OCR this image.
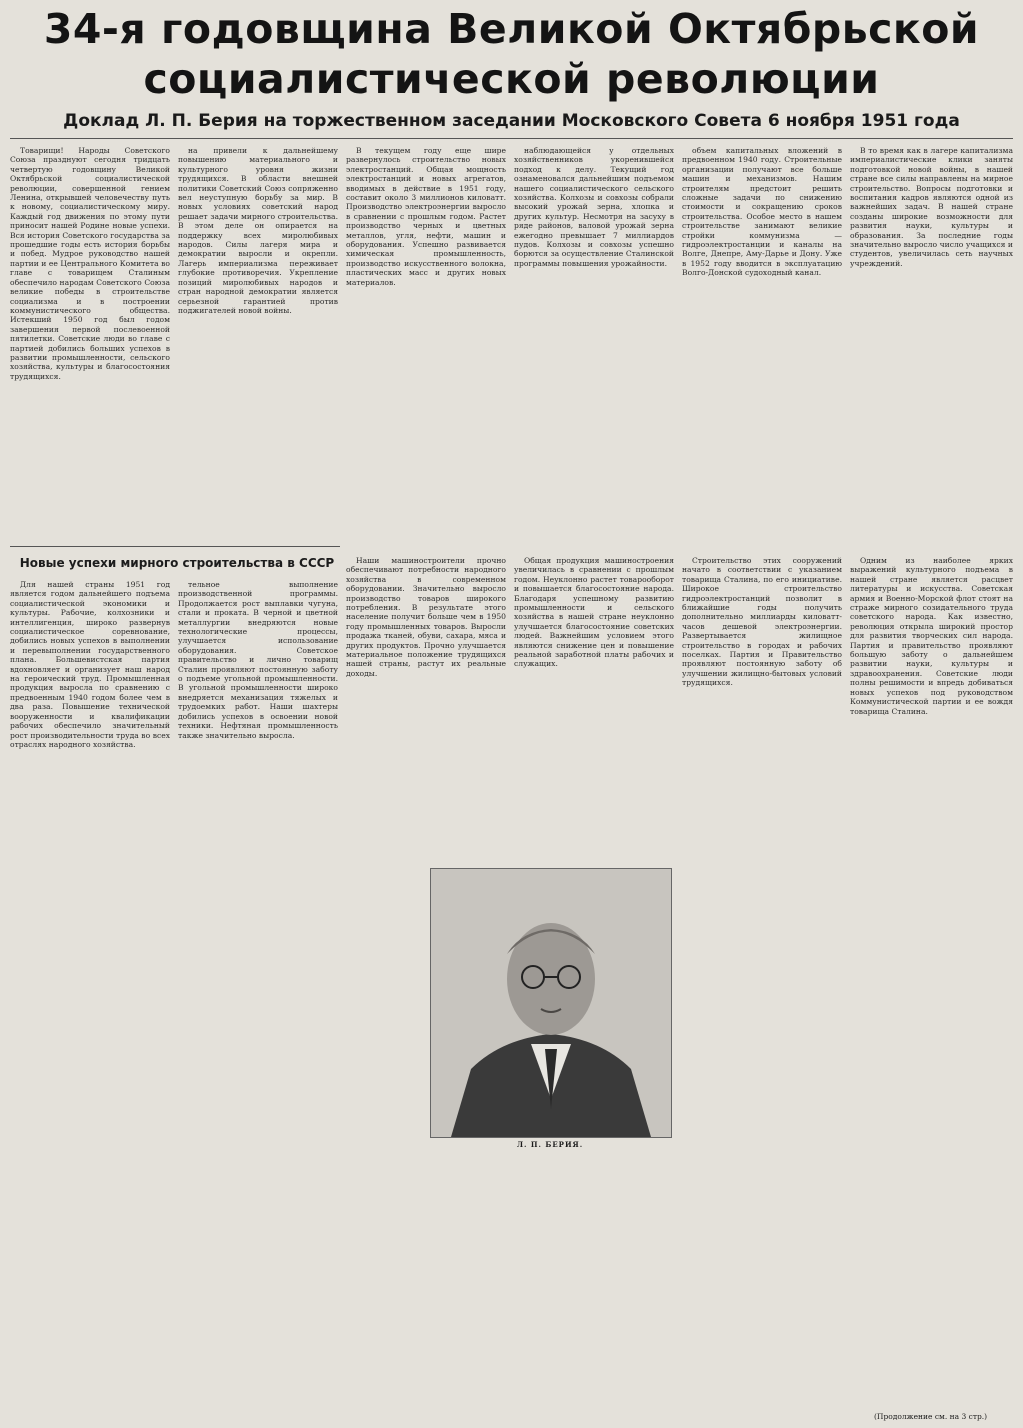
34-я годовщина Великой Октябрьской
социалистической революции
Доклад Л. П. Берия на торжественном заседании Московского Совета 6 ноября 1951 года

Товарищи! Народы Советского Союза празднуют сегодня тридцать четвертую годовщину Великой Октябрьской социалистической революции, совершенной гением Ленина, открывшей человечеству путь к новому, социалистическому миру. Каждый год движения по этому пути приносит нашей Родине новые успехи. Вся история Советского государства за прошедшие годы есть история борьбы и побед. Мудрое руководство нашей партии и ее Центрального Комитета во главе с товарищем Сталиным обеспечило народам Советского Союза великие победы в строительстве социализма и в построении коммунистического общества. Истекший 1950 год был годом завершения первой послевоенной пятилетки. Советские люди во главе с партией добились больших успехов в развитии промышленности, сельского хозяйства, культуры и благосостояния трудящихся.

на привели к дальнейшему повышению материального и культурного уровня жизни трудящихся. В области внешней политики Советский Союз сопряженно вел неуступную борьбу за мир. В новых условиях советский народ решает задачи мирного строительства. В этом деле он опирается на поддержку всех миролюбивых народов. Силы лагеря мира и демократии выросли и окрепли. Лагерь империализма переживает глубокие противоречия. Укрепление позиций миролюбивых народов и стран народной демократии является серьезной гарантией против поджигателей новой войны.

В текущем году еще шире развернулось строительство новых электростанций. Общая мощность электростанций и новых агрегатов, вводимых в действие в 1951 году, составит около 3 миллионов киловатт. Производство электроэнергии выросло в сравнении с прошлым годом. Растет производство черных и цветных металлов, угля, нефти, машин и оборудования. Успешно развивается химическая промышленность, производство искусственного волокна, пластических масс и других новых материалов.

наблюдающейся у отдельных хозяйственников укоренившейся подход к делу. Текущий год ознаменовался дальнейшим подъемом нашего социалистического сельского хозяйства. Колхозы и совхозы собрали высокий урожай зерна, хлопка и других культур. Несмотря на засуху в ряде районов, валовой урожай зерна ежегодно превышает 7 миллиардов пудов. Колхозы и совхозы успешно борются за осуществление Сталинской программы повышения урожайности.

объем капитальных вложений в предвоенном 1940 году. Строительные организации получают все больше машин и механизмов. Нашим строителям предстоит решить сложные задачи по снижению стоимости и сокращению сроков строительства. Особое место в нашем строительстве занимают великие стройки коммунизма — гидроэлектростанции и каналы на Волге, Днепре, Аму-Дарье и Дону. Уже в 1952 году вводится в эксплуатацию Волго-Донской судоходный канал.

В то время как в лагере капитализма империалистические клики заняты подготовкой новой войны, в нашей стране все силы направлены на мирное строительство. Вопросы подготовки и воспитания кадров являются одной из важнейших задач. В нашей стране созданы широкие возможности для развития науки, культуры и образования. За последние годы значительно выросло число учащихся и студентов, увеличилась сеть научных учреждений.

Новые успехи мирного строительства в СССР

Для нашей страны 1951 год является годом дальнейшего подъема социалистической экономики и культуры. Рабочие, колхозники и интеллигенция, широко развернув социалистическое соревнование, добились новых успехов в выполнении и перевыполнении государственного плана. Большевистская партия вдохновляет и организует наш народ на героический труд. Промышленная продукция выросла по сравнению с предвоенным 1940 годом более чем в два раза. Повышение технической вооруженности и квалификации рабочих обеспечило значительный рост производительности труда во всех отраслях народного хозяйства.

тельное выполнение производственной программы. Продолжается рост выплавки чугуна, стали и проката. В черной и цветной металлургии внедряются новые технологические процессы, улучшается использование оборудования. Советское правительство и лично товарищ Сталин проявляют постоянную заботу о подъеме угольной промышленности. В угольной промышленности широко внедряется механизация тяжелых и трудоемких работ. Наши шахтеры добились успехов в освоении новой техники. Нефтяная промышленность также значительно выросла.

Наши машиностроители прочно обеспечивают потребности народного хозяйства в современном оборудовании. Значительно выросло производство товаров широкого потребления. В результате этого население получит больше чем в 1950 году промышленных товаров. Выросли продажа тканей, обуви, сахара, мяса и других продуктов. Прочно улучшается материальное положение трудящихся нашей страны, растут их реальные доходы.

Общая продукция машиностроения увеличилась в сравнении с прошлым годом. Неуклонно растет товарооборот и повышается благосостояние народа. Благодаря успешному развитию промышленности и сельского хозяйства в нашей стране неуклонно улучшается благосостояние советских людей. Важнейшим условием этого являются снижение цен и повышение реальной заработной платы рабочих и служащих.

Строительство этих сооружений начато в соответствии с указанием товарища Сталина, по его инициативе. Широкое строительство гидроэлектростанций позволит в ближайшие годы получить дополнительно миллиарды киловатт-часов дешевой электроэнергии. Развертывается жилищное строительство в городах и рабочих поселках. Партия и Правительство проявляют постоянную заботу об улучшении жилищно-бытовых условий трудящихся.

Одним из наиболее ярких выражений культурного подъема в нашей стране является расцвет литературы и искусства. Советская армия и Военно-Морской флот стоят на страже мирного созидательного труда советского народа. Как известно, революция открыла широкий простор для развития творческих сил народа. Партия и правительство проявляют большую заботу о дальнейшем развитии науки, культуры и здравоохранения. Советские люди полны решимости и впредь добиваться новых успехов под руководством Коммунистической партии и ее вождя товарища Сталина.

Л. П. БЕРИЯ.
(Продолжение см. на 3 стр.)
